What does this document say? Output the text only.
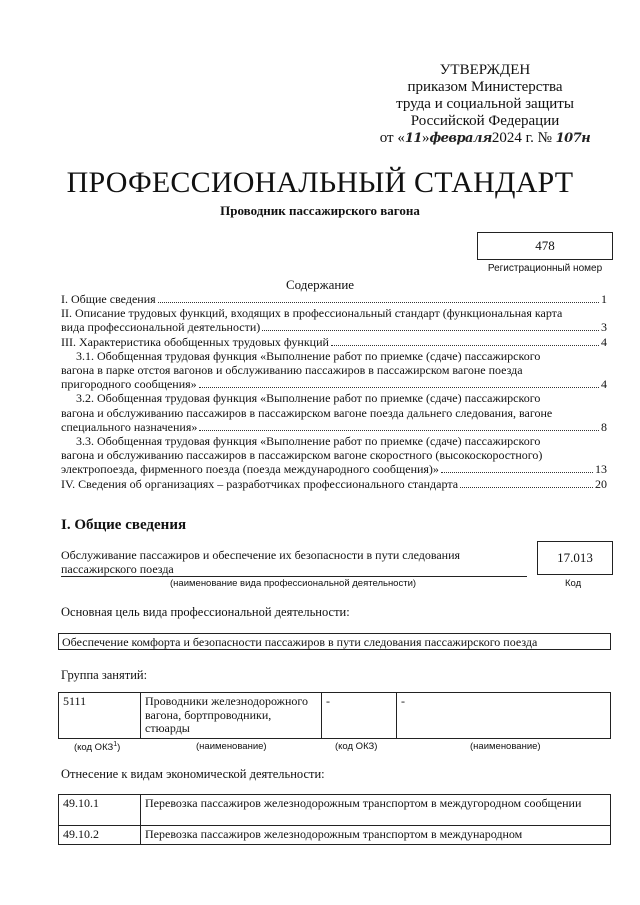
УТВЕРЖДЕН
приказом Министерства
труда и социальной защиты
Российской Федерации
от «11»февраля2024 г. № 107н
ПРОФЕССИОНАЛЬНЫЙ СТАНДАРТ
Проводник пассажирского вагона
478
Регистрационный номер
Содержание
I. Общие сведения	1
II. Описание трудовых функций, входящих в профессиональный стандарт (функциональная карта
вида профессиональной деятельности)	3
III. Характеристика обобщенных трудовых функций	4
3.1. Обобщенная трудовая функция «Выполнение работ по приемке (сдаче) пассажирского
вагона в парке отстоя вагонов и обслуживанию пассажиров в пассажирском вагоне поезда
пригородного сообщения»	4
3.2. Обобщенная трудовая функция «Выполнение работ по приемке (сдаче) пассажирского
вагона и обслуживанию пассажиров в пассажирском вагоне поезда дальнего следования, вагоне
специального назначения»	8
3.3. Обобщенная трудовая функция «Выполнение работ по приемке (сдаче) пассажирского
вагона и обслуживанию пассажиров в пассажирском вагоне скоростного (высокоскоростного)
электропоезда, фирменного поезда (поезда международного сообщения)»	13
IV. Сведения об организациях – разработчиках профессионального стандарта	20
I. Общие сведения
Обслуживание пассажиров и обеспечение их безопасности в пути следования пассажирского поезда
(наименование вида профессиональной деятельности)
17.013
Код
Основная цель вида профессиональной деятельности:
Обеспечение комфорта и безопасности пассажиров в пути следования пассажирского поезда
Группа занятий:
5111	Проводники железнодорожного вагона, бортпроводники, стюарды	-	-
(код ОКЗ$^1$)	(наименование)	(код ОКЗ)	(наименование)
Отнесение к видам экономической деятельности:
49.10.1	Перевозка пассажиров железнодорожным транспортом в междугородном сообщении
49.10.2	Перевозка пассажиров железнодорожным транспортом в международном
